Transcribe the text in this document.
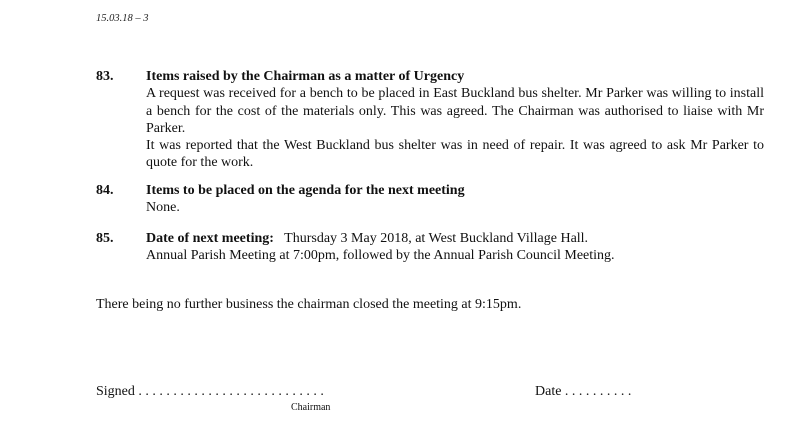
15.03.18 – 3
83. Items raised by the Chairman as a matter of Urgency
A request was received for a bench to be placed in East Buckland bus shelter. Mr Parker was willing to install a bench for the cost of the materials only. This was agreed. The Chairman was authorised to liaise with Mr Parker.
It was reported that the West Buckland bus shelter was in need of repair. It was agreed to ask Mr Parker to quote for the work.
84. Items to be placed on the agenda for the next meeting
None.
85. Date of next meeting: Thursday 3 May 2018, at West Buckland Village Hall.
Annual Parish Meeting at 7:00pm, followed by the Annual Parish Council Meeting.
There being no further business the chairman closed the meeting at 9:15pm.
Signed . . . . . . . . . . . . . . . . . . . . . . . . . . .
Chairman
Date . . . . . . . . . .
